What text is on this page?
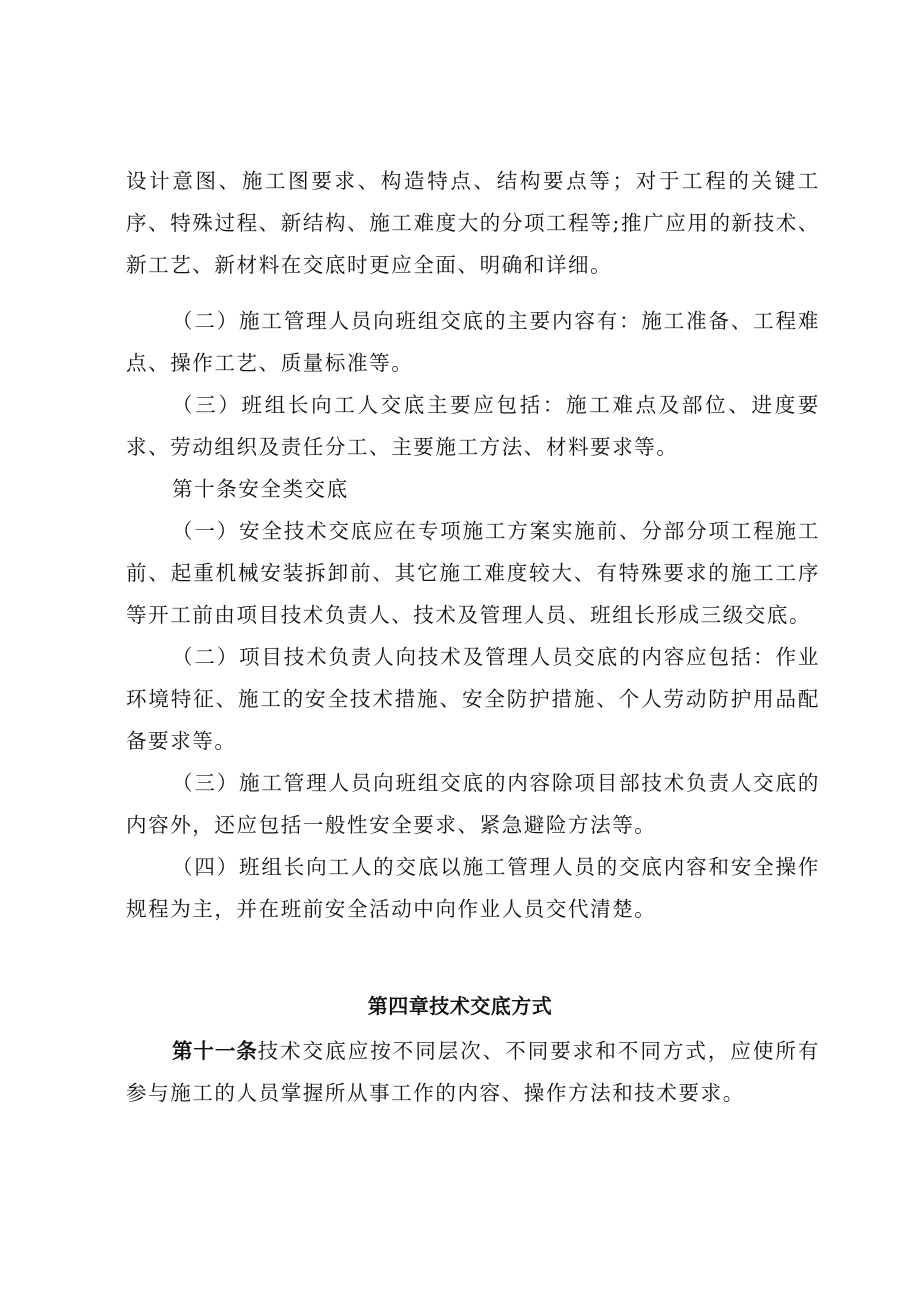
设计意图、施工图要求、构造特点、结构要点等；对于工程的关键工序、特殊过程、新结构、施工难度大的分项工程等;推广应用的新技术、新工艺、新材料在交底时更应全面、明确和详细。

（二）施工管理人员向班组交底的主要内容有：施工准备、工程难点、操作工艺、质量标准等。

（三）班组长向工人交底主要应包括：施工难点及部位、进度要求、劳动组织及责任分工、主要施工方法、材料要求等。

第十条安全类交底

（一）安全技术交底应在专项施工方案实施前、分部分项工程施工前、起重机械安装拆卸前、其它施工难度较大、有特殊要求的施工工序等开工前由项目技术负责人、技术及管理人员、班组长形成三级交底。

（二）项目技术负责人向技术及管理人员交底的内容应包括：作业环境特征、施工的安全技术措施、安全防护措施、个人劳动防护用品配备要求等。

（三）施工管理人员向班组交底的内容除项目部技术负责人交底的内容外，还应包括一般性安全要求、紧急避险方法等。

（四）班组长向工人的交底以施工管理人员的交底内容和安全操作规程为主，并在班前安全活动中向作业人员交代清楚。

第四章技术交底方式

第十一条技术交底应按不同层次、不同要求和不同方式，应使所有参与施工的人员掌握所从事工作的内容、操作方法和技术要求。
